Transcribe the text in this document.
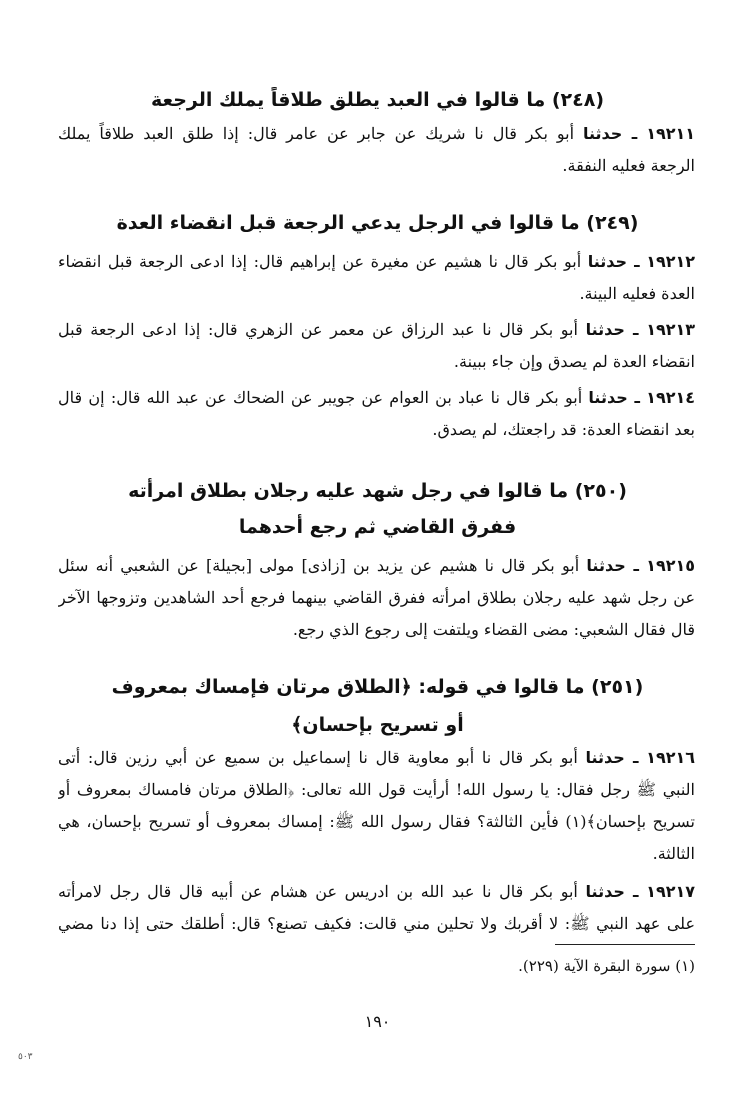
(٢٤٨) ما قالوا في العبد يطلق طلاقاً يملك الرجعة
١٩٢١١ ـ حدثنا أبو بكر قال نا شريك عن جابر عن عامر قال: إذا طلق العبد طلاقاً يملك
الرجعة فعليه النفقة.
(٢٤٩) ما قالوا في الرجل يدعي الرجعة قبل انقضاء العدة
١٩٢١٢ ـ حدثنا أبو بكر قال نا هشيم عن مغيرة عن إبراهيم قال: إذا ادعى الرجعة قبل انقضاء
العدة فعليه البينة.
١٩٢١٣ ـ حدثنا أبو بكر قال نا عبد الرزاق عن معمر عن الزهري قال: إذا ادعى الرجعة قبل
انقضاء العدة لم يصدق وإن جاء ببينة.
١٩٢١٤ ـ حدثنا أبو بكر قال نا عباد بن العوام عن جويبر عن الضحاك عن عبد الله قال: إن قال
بعد انقضاء العدة: قد راجعتك، لم يصدق.
(٢٥٠) ما قالوا في رجل شهد عليه رجلان بطلاق امرأته
ففرق القاضي ثم رجع أحدهما
١٩٢١٥ ـ حدثنا أبو بكر قال نا هشيم عن يزيد بن [زاذى] مولى [بجيلة] عن الشعبي أنه سئل
عن رجل شهد عليه رجلان بطلاق امرأته ففرق القاضي بينهما فرجع أحد الشاهدين وتزوجها الآخر
قال فقال الشعبي: مضى القضاء ويلتفت إلى رجوع الذي رجع.
(٢٥١) ما قالوا في قوله: ﴿الطلاق مرتان فإمساك بمعروف
أو تسريح بإحسان﴾
١٩٢١٦ ـ حدثنا أبو بكر قال نا أبو معاوية قال نا إسماعيل بن سميع عن أبي رزين قال: أتى
النبي ﷺ رجل فقال: يا رسول الله! أرأيت قول الله تعالى: ﴿الطلاق مرتان فامساك بمعروف أو
تسريح بإحسان﴾(١) فأين الثالثة؟ فقال رسول الله ﷺ: إمساك بمعروف أو تسريح بإحسان، هي
الثالثة.
١٩٢١٧ ـ حدثنا أبو بكر قال نا عبد الله بن ادريس عن هشام عن أبيه قال قال رجل لامرأته
على عهد النبي ﷺ: لا أقربك ولا تحلين مني قالت: فكيف تصنع؟ قال: أطلقك حتى إذا دنا مضي
(١) سورة البقرة الآية (٢٢٩).
١٩٠
٥٠٣
